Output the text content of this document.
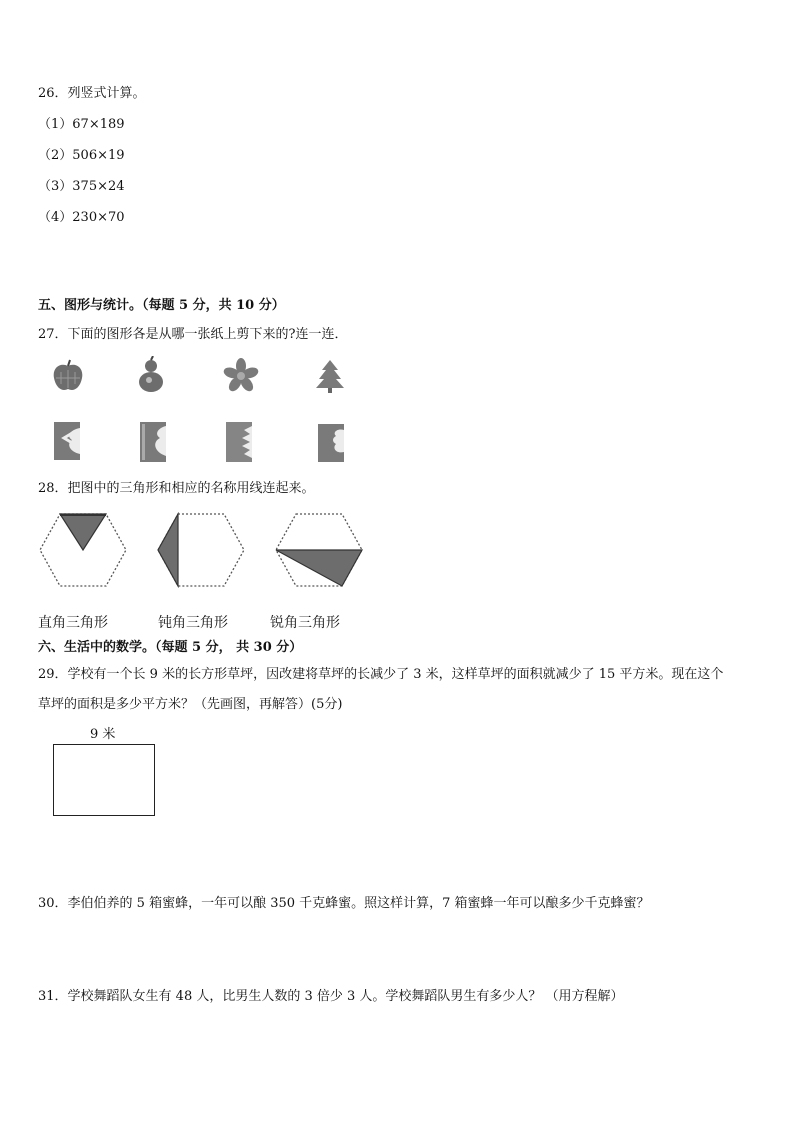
26．列竖式计算。
（1）67×189
（2）506×19
（3）375×24
（4）230×70
五、图形与统计。（每题 5 分，共 10 分）
27．下面的图形各是从哪一张纸上剪下来的?连一连．
28．把图中的三角形和相应的名称用线连起来。
直角三角形	钝角三角形	锐角三角形
六、生活中的数学。（每题 5 分， 共 30 分）
29．学校有一个长 9 米的长方形草坪，因改建将草坪的长减少了 3 米，这样草坪的面积就减少了 15 平方米。现在这个
草坪的面积是多少平方米？（先画图，再解答）(5分)
9 米
30．李伯伯养的 5 箱蜜蜂，一年可以酿 350 千克蜂蜜。照这样计算，7 箱蜜蜂一年可以酿多少千克蜂蜜？
31．学校舞蹈队女生有 48 人，比男生人数的 3 倍少 3 人。学校舞蹈队男生有多少人？ （用方程解）
